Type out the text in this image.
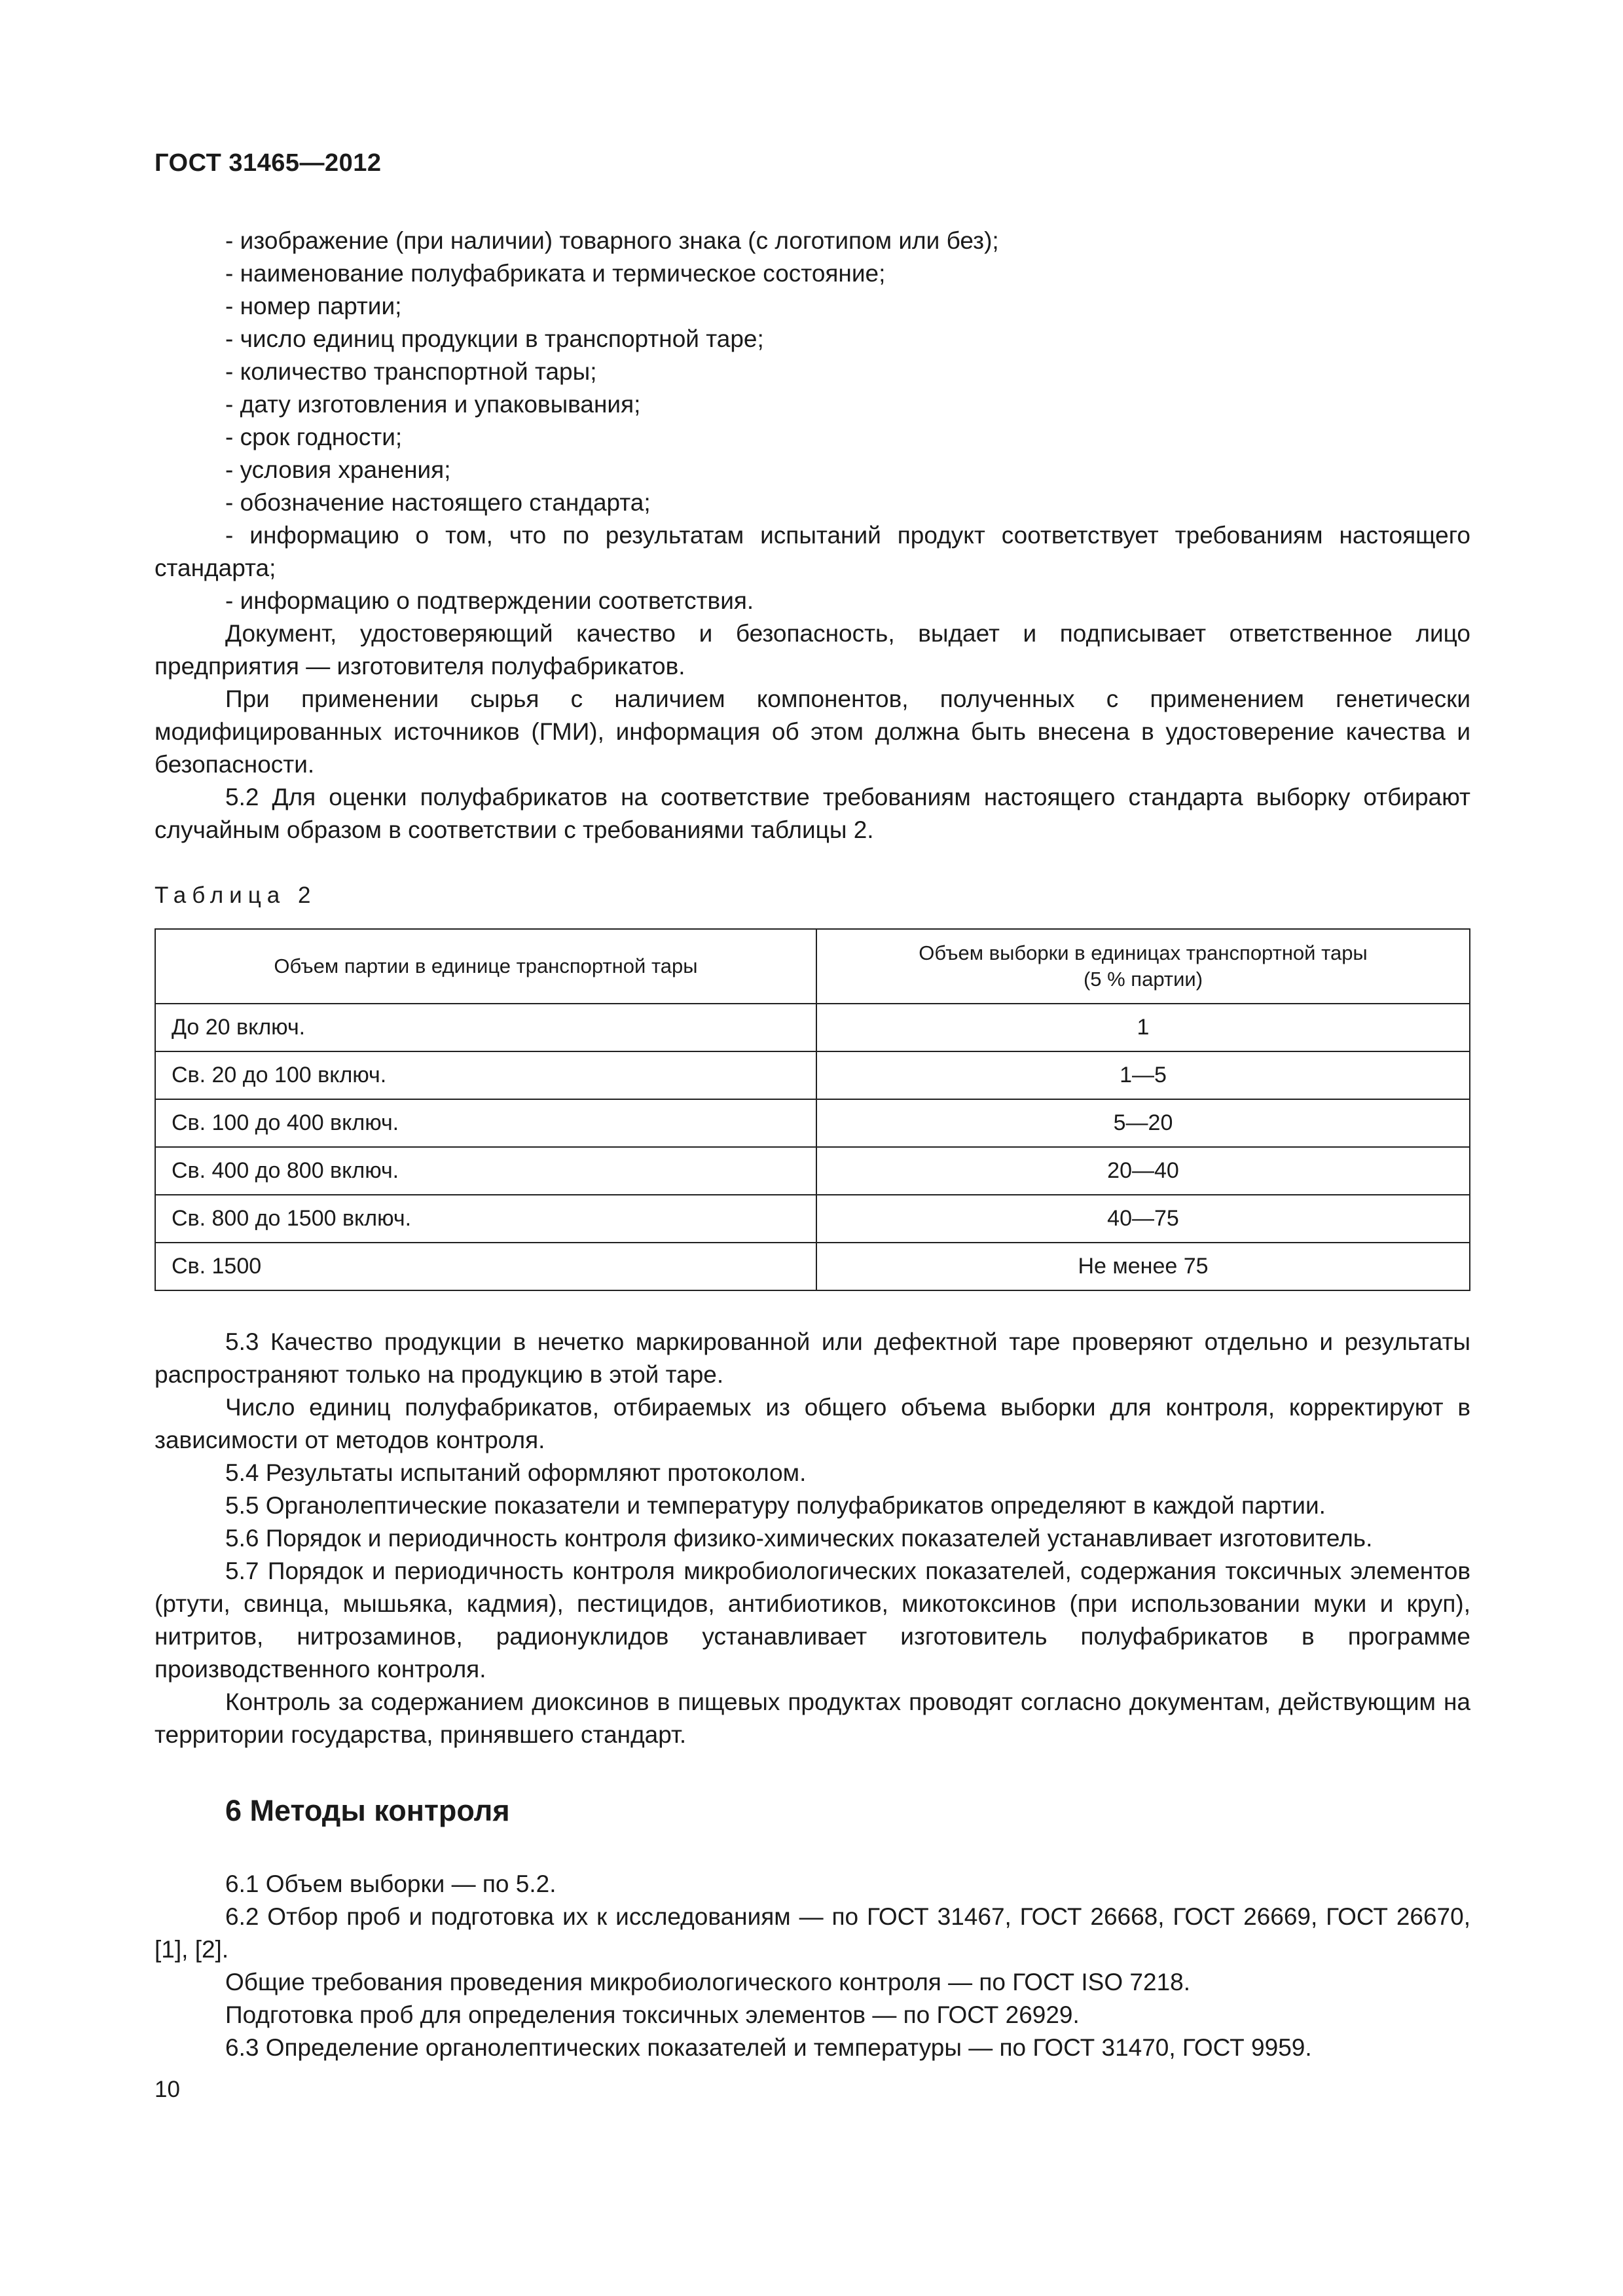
ГОСТ 31465—2012

- изображение (при наличии) товарного знака (с логотипом или без);

- наименование полуфабриката и термическое состояние;

- номер партии;

- число единиц продукции в транспортной таре;

- количество транспортной тары;

- дату изготовления и упаковывания;

- срок годности;

- условия хранения;

- обозначение настоящего стандарта;

- информацию о том, что по результатам испытаний продукт соответствует требованиям настоящего стандарта;

- информацию о подтверждении соответствия.

Документ, удостоверяющий качество и безопасность, выдает и подписывает ответственное лицо предприятия — изготовителя полуфабрикатов.

При применении сырья с наличием компонентов, полученных с применением генетически модифицированных источников (ГМИ), информация об этом должна быть внесена в удостоверение качества и безопасности.

5.2 Для оценки полуфабрикатов на соответствие требованиям настоящего стандарта выборку отбирают случайным образом в соответствии с требованиями таблицы 2.

Таблица 2
Объем партии в единице транспортной тары	Объем выборки в единицах транспортной тары
(5 % партии)
До 20 включ.	1
Св. 20 до 100 включ.	1—5
Св. 100 до 400 включ.	5—20
Св. 400 до 800 включ.	20—40
Св. 800 до 1500 включ.	40—75
Св. 1500	Не менее 75

5.3 Качество продукции в нечетко маркированной или дефектной таре проверяют отдельно и результаты распространяют только на продукцию в этой таре.

Число единиц полуфабрикатов, отбираемых из общего объема выборки для контроля, корректируют в зависимости от методов контроля.

5.4 Результаты испытаний оформляют протоколом.

5.5 Органолептические показатели и температуру полуфабрикатов определяют в каждой партии.

5.6 Порядок и периодичность контроля физико-химических показателей устанавливает изготовитель.

5.7 Порядок и периодичность контроля микробиологических показателей, содержания токсичных элементов (ртути, свинца, мышьяка, кадмия), пестицидов, антибиотиков, микотоксинов (при использовании муки и круп), нитритов, нитрозаминов, радионуклидов устанавливает изготовитель полуфабрикатов в программе производственного контроля.

Контроль за содержанием диоксинов в пищевых продуктах проводят согласно документам, действующим на территории государства, принявшего стандарт.

6 Методы контроля

6.1 Объем выборки — по 5.2.

6.2 Отбор проб и подготовка их к исследованиям — по ГОСТ 31467, ГОСТ 26668, ГОСТ 26669, ГОСТ 26670, [1], [2].

Общие требования проведения микробиологического контроля — по ГОСТ ISO 7218.

Подготовка проб для определения токсичных элементов — по ГОСТ 26929.

6.3 Определение органолептических показателей и температуры — по ГОСТ 31470, ГОСТ 9959.

10
